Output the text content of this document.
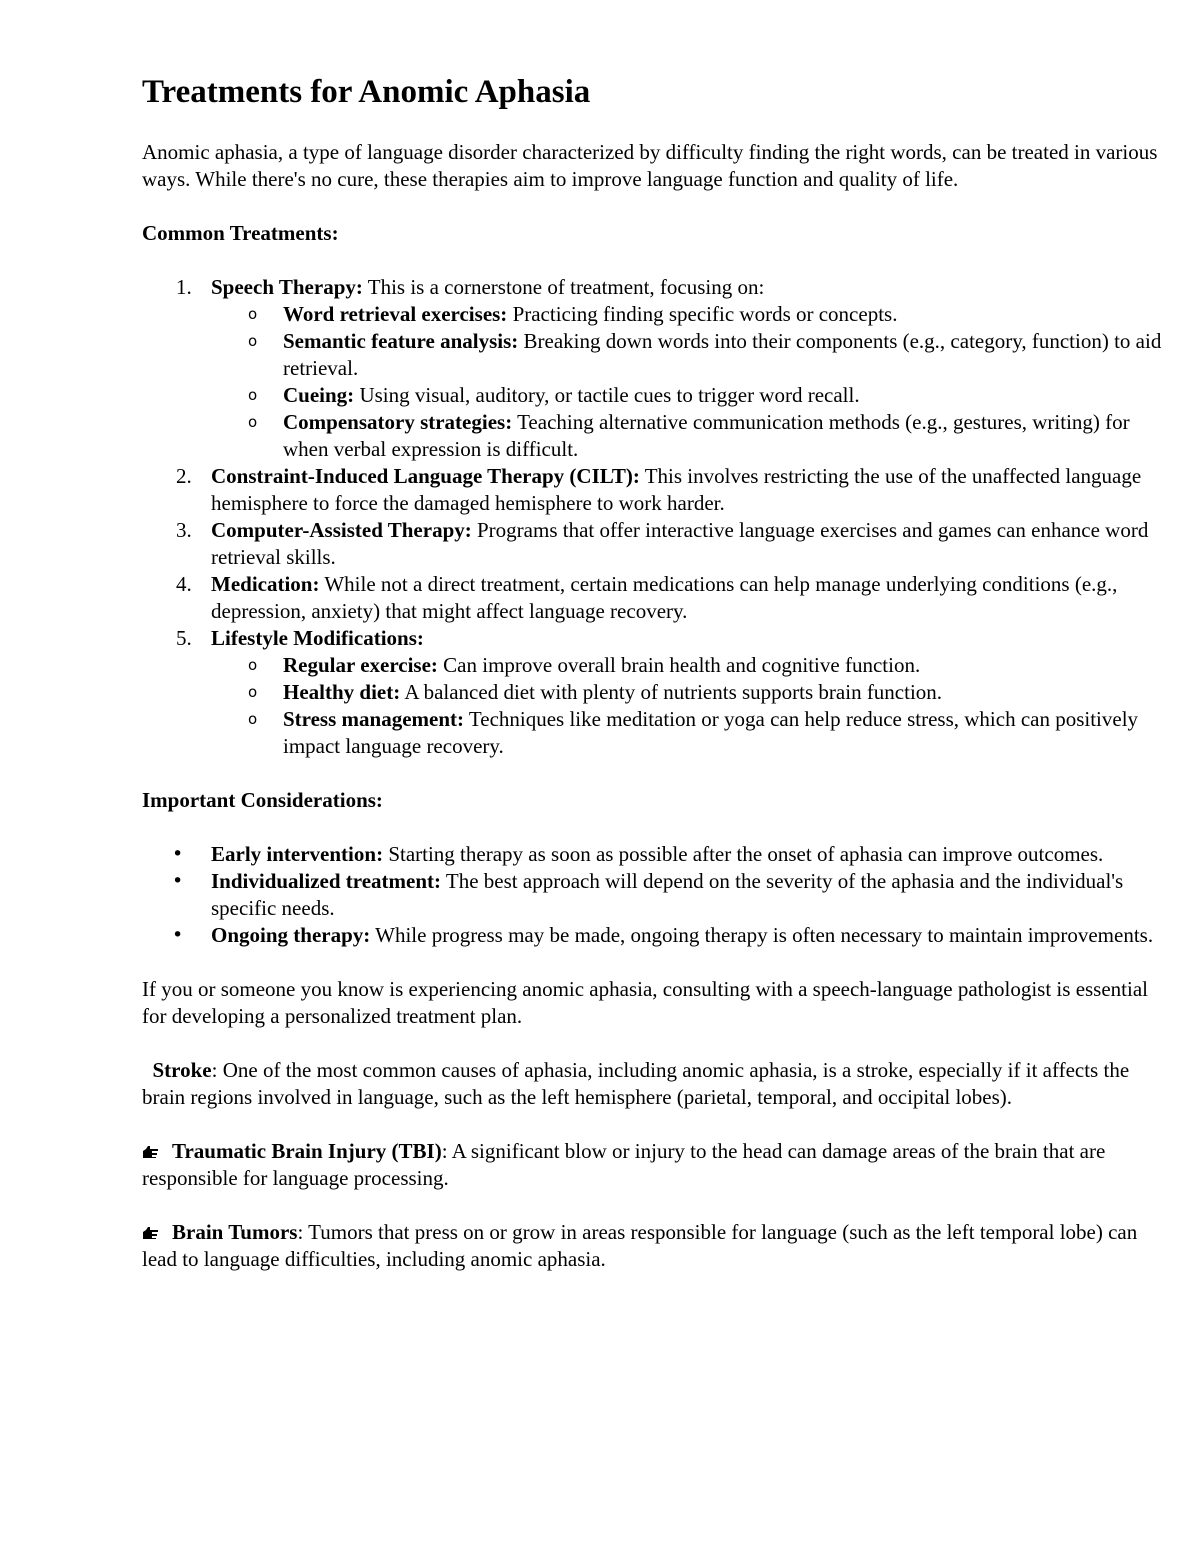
Treatments for Anomic Aphasia

Anomic aphasia, a type of language disorder characterized by difficulty finding the right words, can be treated in various ways. While there's no cure, these therapies aim to improve language function and quality of life.

Common Treatments:

1. Speech Therapy: This is a cornerstone of treatment, focusing on:
o Word retrieval exercises: Practicing finding specific words or concepts.
o Semantic feature analysis: Breaking down words into their components (e.g., category, function) to aid retrieval.
o Cueing: Using visual, auditory, or tactile cues to trigger word recall.
o Compensatory strategies: Teaching alternative communication methods (e.g., gestures, writing) for when verbal expression is difficult.
2. Constraint-Induced Language Therapy (CILT): This involves restricting the use of the unaffected language hemisphere to force the damaged hemisphere to work harder.
3. Computer-Assisted Therapy: Programs that offer interactive language exercises and games can enhance word retrieval skills.
4. Medication: While not a direct treatment, certain medications can help manage underlying conditions (e.g., depression, anxiety) that might affect language recovery.
5. Lifestyle Modifications:
o Regular exercise: Can improve overall brain health and cognitive function.
o Healthy diet: A balanced diet with plenty of nutrients supports brain function.
o Stress management: Techniques like meditation or yoga can help reduce stress, which can positively impact language recovery.

Important Considerations:

• Early intervention: Starting therapy as soon as possible after the onset of aphasia can improve outcomes.
• Individualized treatment: The best approach will depend on the severity of the aphasia and the individual's specific needs.
• Ongoing therapy: While progress may be made, ongoing therapy is often necessary to maintain improvements.

If you or someone you know is experiencing anomic aphasia, consulting with a speech-language pathologist is essential for developing a personalized treatment plan.

Stroke: One of the most common causes of aphasia, including anomic aphasia, is a stroke, especially if it affects the brain regions involved in language, such as the left hemisphere (parietal, temporal, and occipital lobes).

Traumatic Brain Injury (TBI): A significant blow or injury to the head can damage areas of the brain that are responsible for language processing.

Brain Tumors: Tumors that press on or grow in areas responsible for language (such as the left temporal lobe) can lead to language difficulties, including anomic aphasia.
